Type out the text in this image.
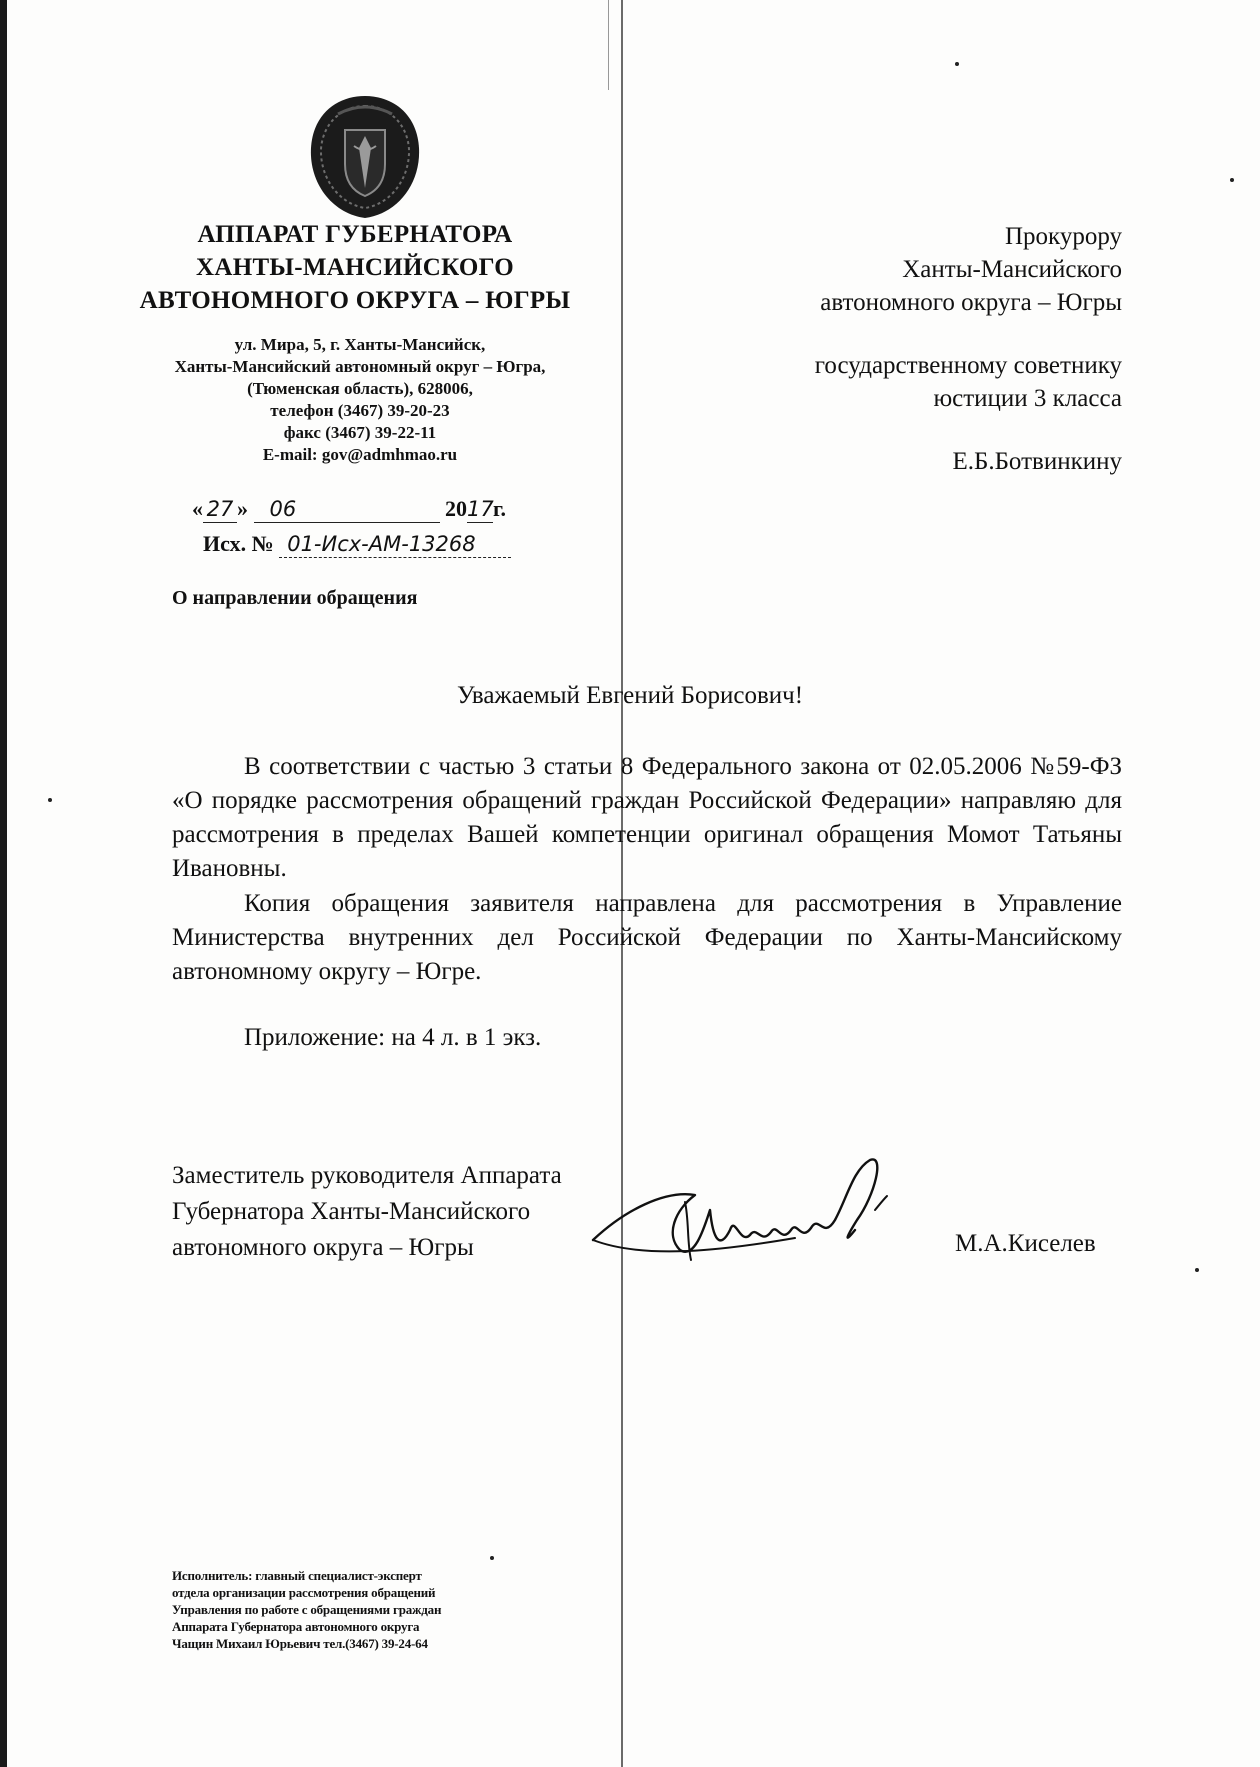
АППАРАТ ГУБЕРНАТОРА
ХАНТЫ-МАНСИЙСКОГО
АВТОНОМНОГО ОКРУГА – ЮГРЫ
ул. Мира, 5, г. Ханты-Мансийск,
Ханты-Мансийский автономный округ – Югра,
(Тюменская область), 628006,
телефон (3467) 39-20-23
факс (3467) 39-22-11
E-mail: gov@admhmao.ru
« 27 » 06	2017г.
Исх. № 01-Исх-АМ-13268
О направлении обращения
Прокурору
Ханты-Мансийского
автономного округа – Югры
государственному советнику
юстиции 3 класса
Е.Б.Ботвинкину
Уважаемый Евгений Борисович!
В соответствии с частью 3 статьи 8 Федерального закона от 02.05.2006 №59-ФЗ «О порядке рассмотрения обращений граждан Российской Федерации» направляю для рассмотрения в пределах Вашей компетенции оригинал обращения Момот Татьяны Ивановны.
Копия обращения заявителя направлена для рассмотрения в Управление Министерства внутренних дел Российской Федерации по Ханты-Мансийскому автономному округу – Югре.
Приложение: на 4 л. в 1 экз.
Заместитель руководителя Аппарата
Губернатора Ханты-Мансийского
автономного округа – Югры	М.А.Киселев
Исполнитель: главный специалист-эксперт
отдела организации рассмотрения обращений
Управления по работе с обращениями граждан
Аппарата Губернатора автономного округа
Чащин Михаил Юрьевич тел.(3467) 39-24-64
